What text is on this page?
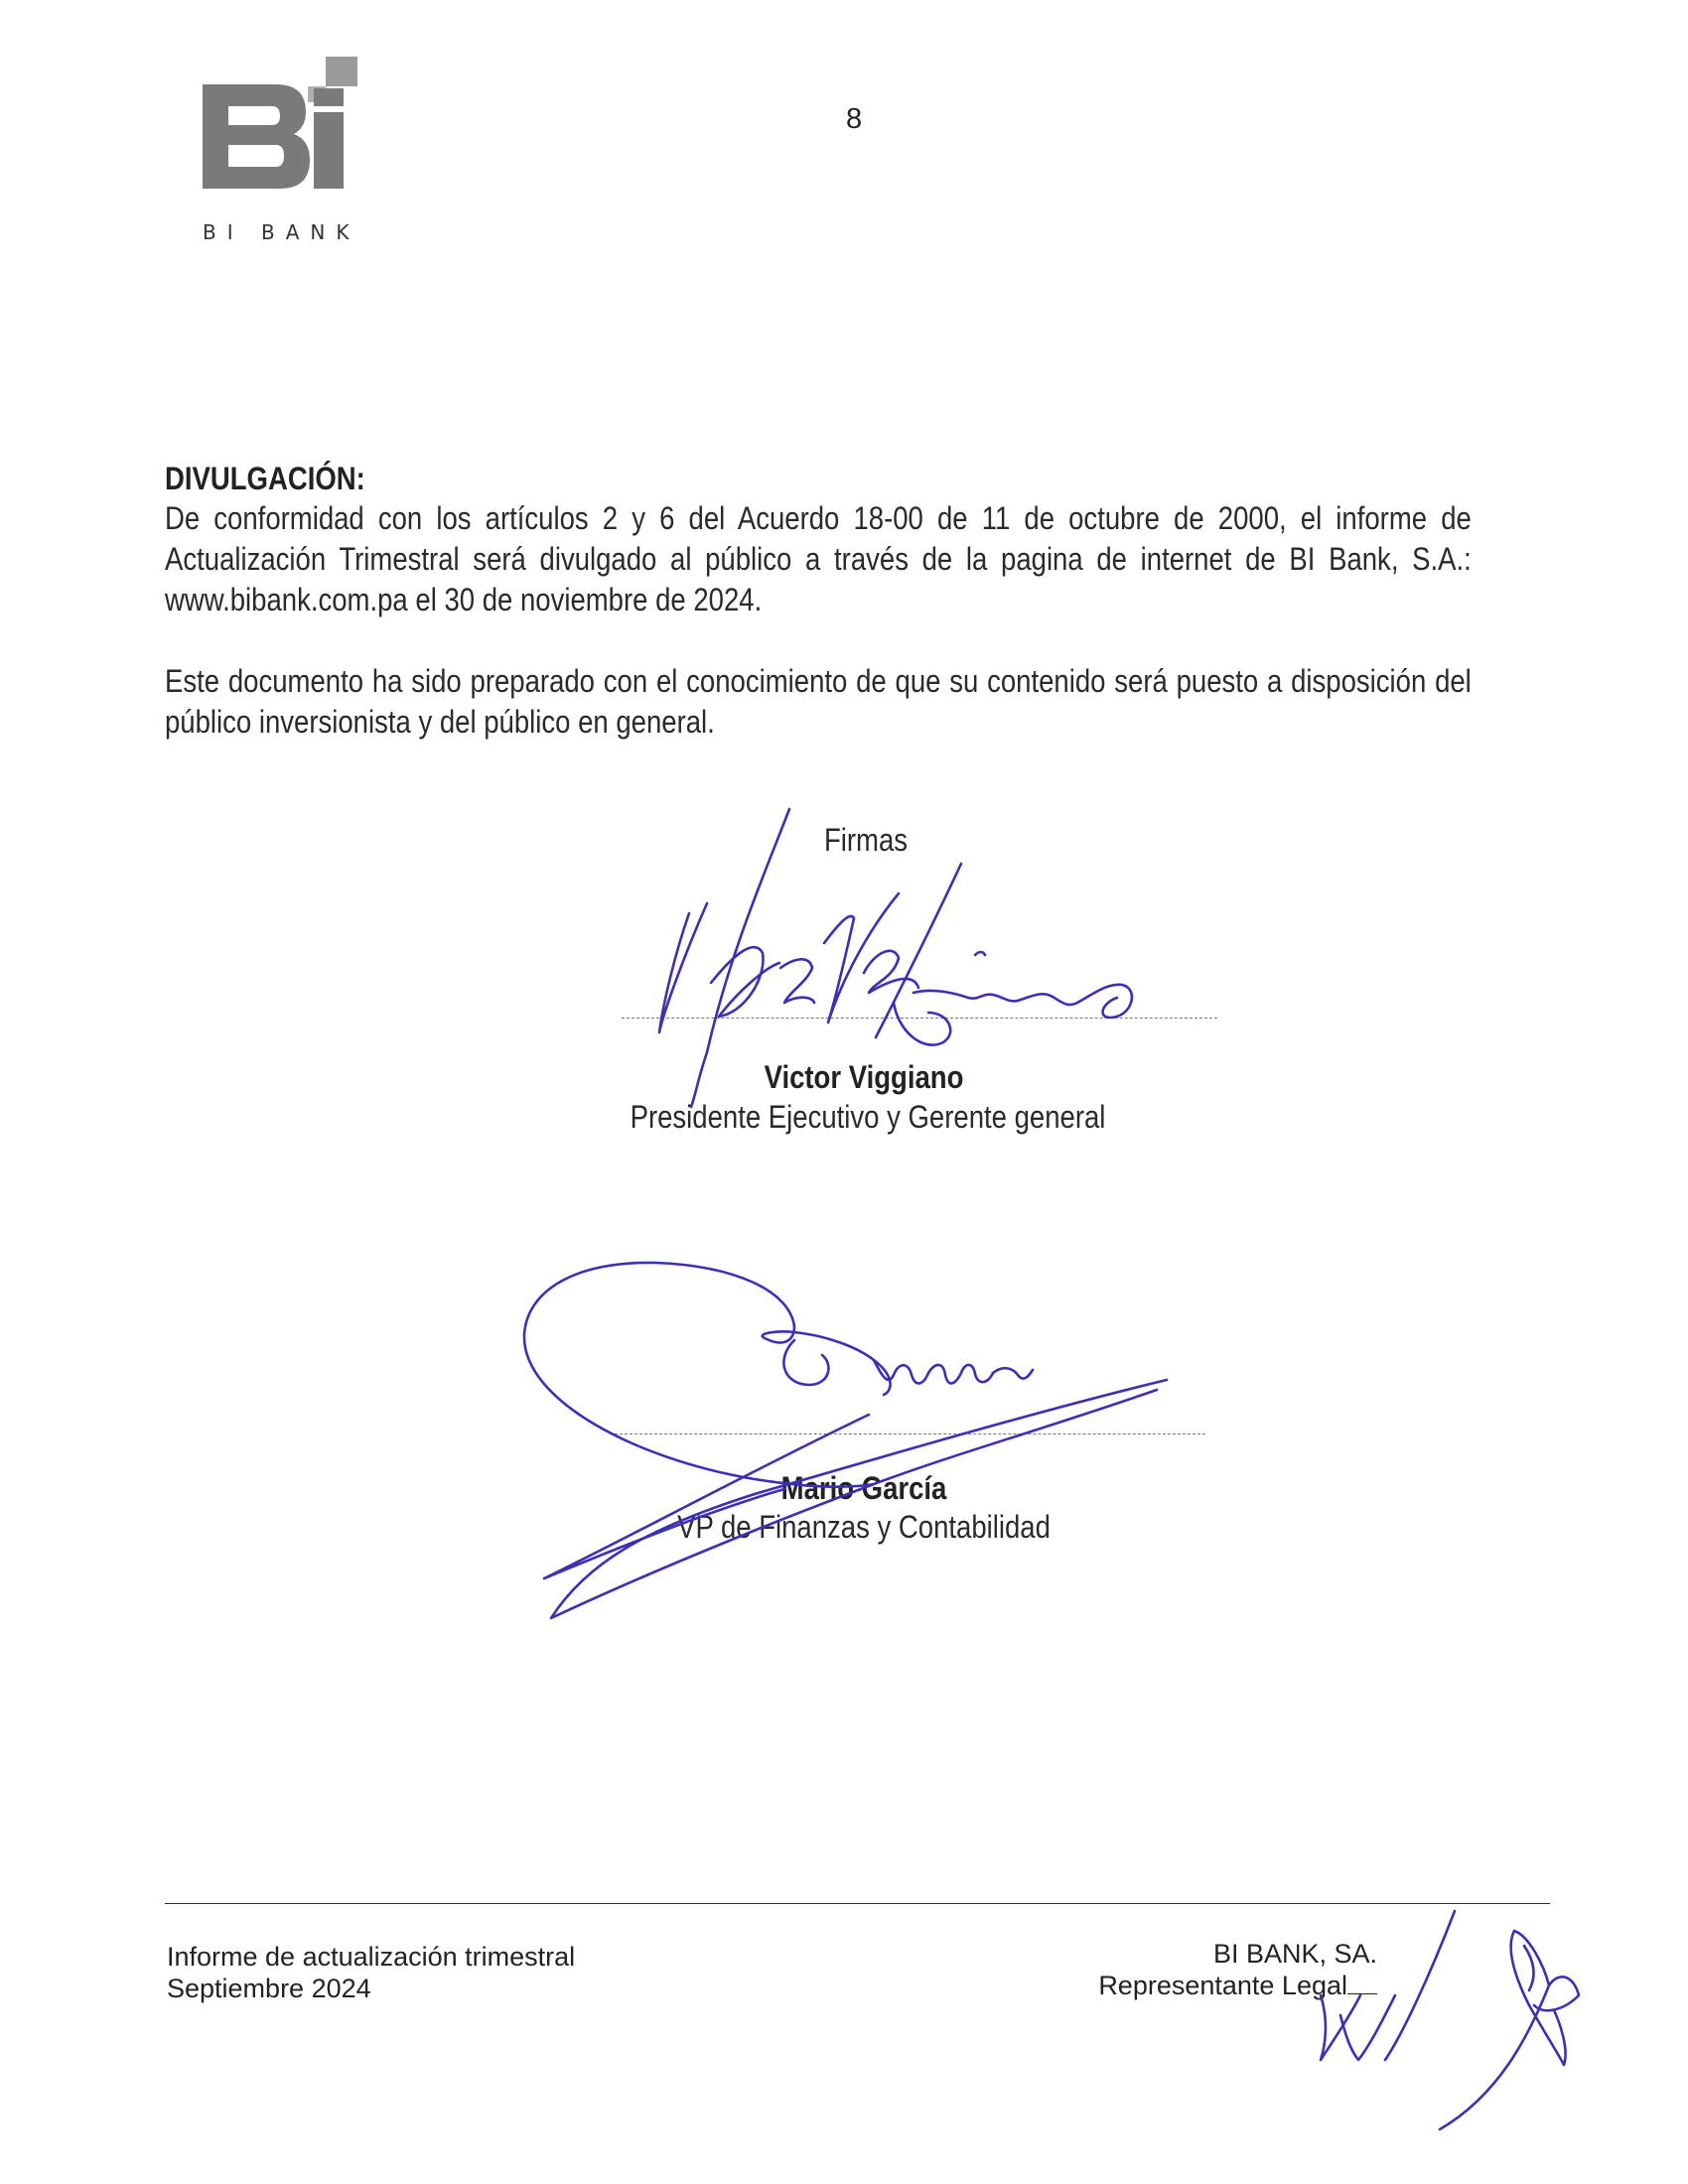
BI BANK
8
DIVULGACIÓN:
De conformidad con los artículos 2 y 6 del Acuerdo 18-00 de 11 de octubre de 2000, el informe de Actualización Trimestral será divulgado al público a través de la pagina de internet de BI Bank, S.A.: www.bibank.com.pa el 30 de noviembre de 2024.
Este documento ha sido preparado con el conocimiento de que su contenido será puesto a disposición del público inversionista y del público en general.
Firmas
Victor Viggiano
Presidente Ejecutivo y Gerente general
Mario García
VP de Finanzas y Contabilidad
Informe de actualización trimestral
Septiembre 2024
BI BANK, SA.
Representante Legal
